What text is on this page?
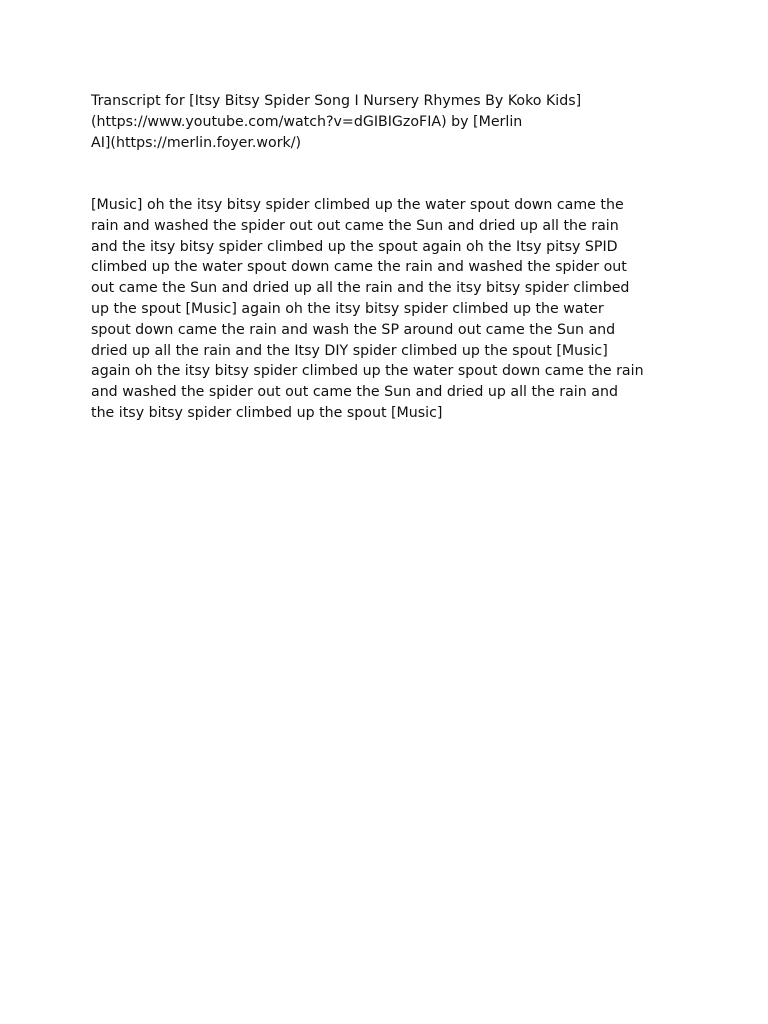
Transcript for [Itsy Bitsy Spider Song I Nursery Rhymes By Koko Kids]
(https://www.youtube.com/watch?v=dGIBIGzoFIA) by [Merlin
AI](https://merlin.foyer.work/)
[Music] oh the itsy bitsy spider climbed up the water spout down came the
rain and washed the spider out out came the Sun and dried up all the rain
and the itsy bitsy spider climbed up the spout again oh the Itsy pitsy SPID
climbed up the water spout down came the rain and washed the spider out
out came the Sun and dried up all the rain and the itsy bitsy spider climbed
up the spout [Music] again oh the itsy bitsy spider climbed up the water
spout down came the rain and wash the SP around out came the Sun and
dried up all the rain and the Itsy DIY spider climbed up the spout [Music]
again oh the itsy bitsy spider climbed up the water spout down came the rain
and washed the spider out out came the Sun and dried up all the rain and
the itsy bitsy spider climbed up the spout [Music]
